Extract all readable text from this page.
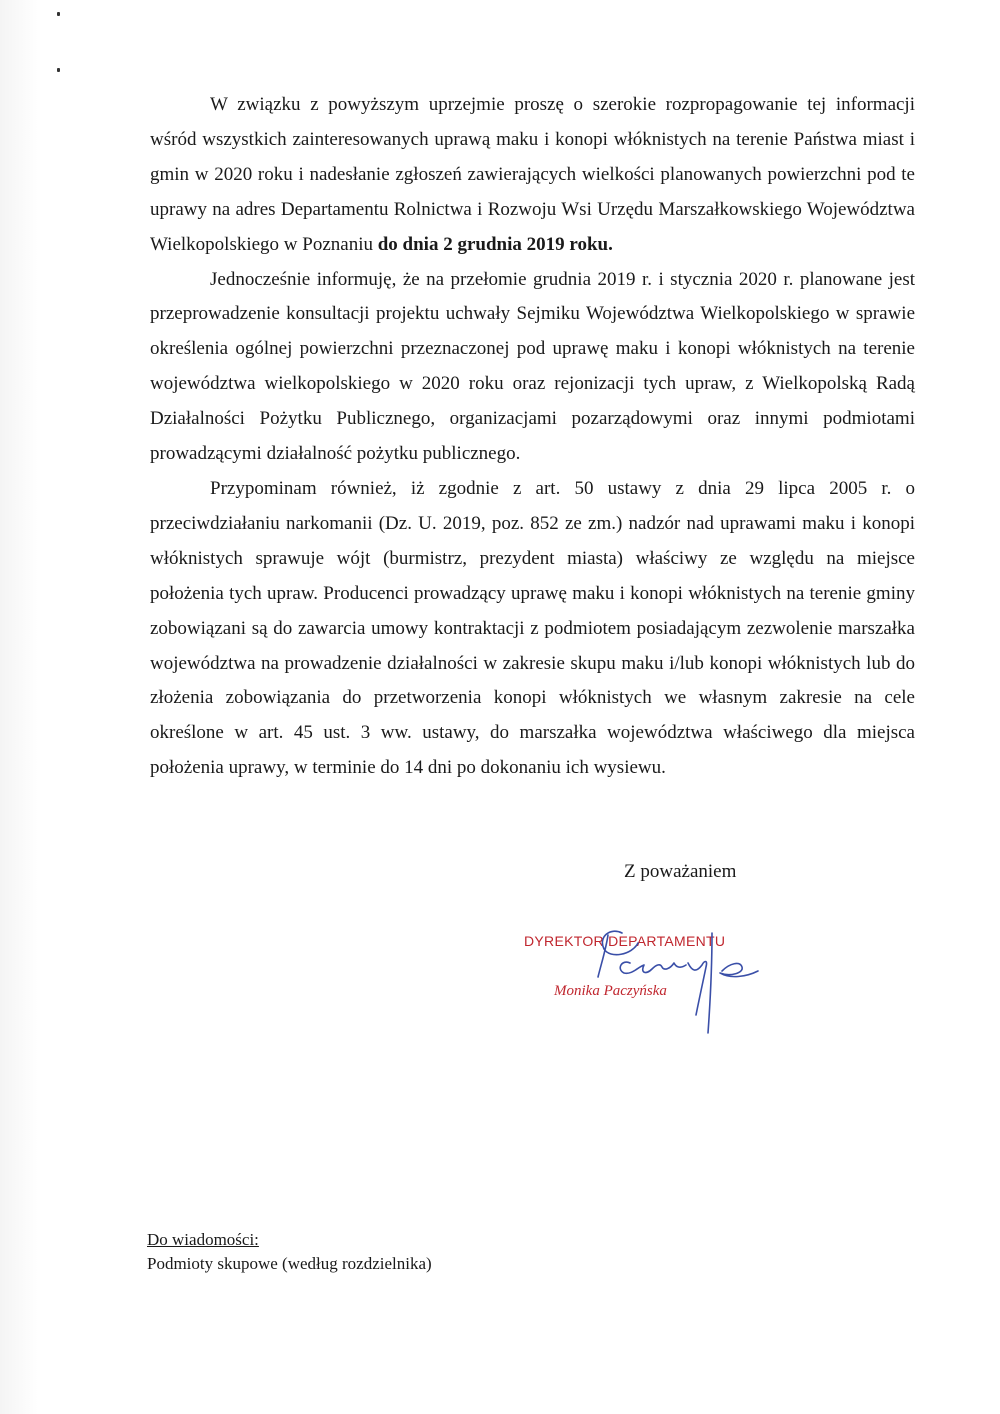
W związku z powyższym uprzejmie proszę o szerokie rozpropagowanie tej informacji wśród wszystkich zainteresowanych uprawą maku i konopi włóknistych na terenie Państwa miast i gmin w 2020 roku i nadesłanie zgłoszeń zawierających wielkości planowanych powierzchni pod te uprawy na adres Departamentu Rolnictwa i Rozwoju Wsi Urzędu Marszałkowskiego Województwa Wielkopolskiego w Poznaniu do dnia 2 grudnia 2019 roku.

Jednocześnie informuję, że na przełomie grudnia 2019 r. i stycznia 2020 r. planowane jest przeprowadzenie konsultacji projektu uchwały Sejmiku Województwa Wielkopolskiego w sprawie określenia ogólnej powierzchni przeznaczonej pod uprawę maku i konopi włóknistych na terenie województwa wielkopolskiego w 2020 roku oraz rejonizacji tych upraw, z Wielkopolską Radą Działalności Pożytku Publicznego, organizacjami pozarządowymi oraz innymi podmiotami prowadzącymi działalność pożytku publicznego.

Przypominam również, iż zgodnie z art. 50 ustawy z dnia 29 lipca 2005 r. o przeciwdziałaniu narkomanii (Dz. U. 2019, poz. 852 ze zm.) nadzór nad uprawami maku i konopi włóknistych sprawuje wójt (burmistrz, prezydent miasta) właściwy ze względu na miejsce położenia tych upraw. Producenci prowadzący uprawę maku i konopi włóknistych na terenie gminy zobowiązani są do zawarcia umowy kontraktacji z podmiotem posiadającym zezwolenie marszałka województwa na prowadzenie działalności w zakresie skupu maku i/lub konopi włóknistych lub do złożenia zobowiązania do przetworzenia konopi włóknistych we własnym zakresie na cele określone w art. 45 ust. 3 ww. ustawy, do marszałka województwa właściwego dla miejsca położenia uprawy, w terminie do 14 dni po dokonaniu ich wysiewu.

Z poważaniem
DYREKTOR DEPARTAMENTU
Monika Paczyńska
Do wiadomości:
Podmioty skupowe (według rozdzielnika)
